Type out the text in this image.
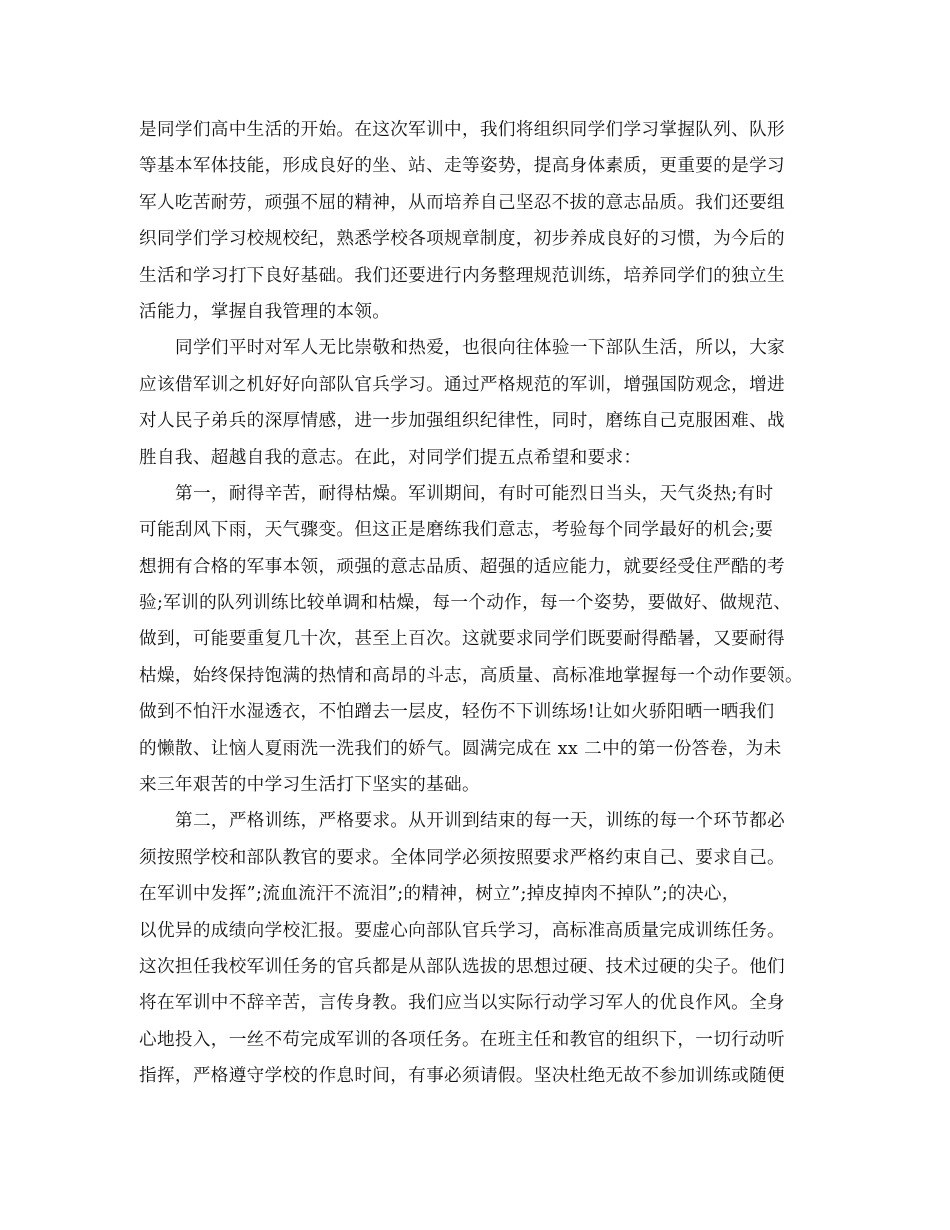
是同学们高中生活的开始。在这次军训中，我们将组织同学们学习掌握队列、队形
等基本军体技能，形成良好的坐、站、走等姿势，提高身体素质，更重要的是学习
军人吃苦耐劳，顽强不屈的精神，从而培养自己坚忍不拔的意志品质。我们还要组
织同学们学习校规校纪，熟悉学校各项规章制度，初步养成良好的习惯，为今后的
生活和学习打下良好基础。我们还要进行内务整理规范训练，培养同学们的独立生
活能力，掌握自我管理的本领。
同学们平时对军人无比崇敬和热爱，也很向往体验一下部队生活，所以，大家
应该借军训之机好好向部队官兵学习。通过严格规范的军训，增强国防观念，增进
对人民子弟兵的深厚情感，进一步加强组织纪律性，同时，磨练自己克服困难、战
胜自我、超越自我的意志。在此，对同学们提五点希望和要求：
第一，耐得辛苦，耐得枯燥。军训期间，有时可能烈日当头，天气炎热;有时
可能刮风下雨，天气骤变。但这正是磨练我们意志，考验每个同学最好的机会;要
想拥有合格的军事本领，顽强的意志品质、超强的适应能力，就要经受住严酷的考
验;军训的队列训练比较单调和枯燥，每一个动作，每一个姿势，要做好、做规范、
做到，可能要重复几十次，甚至上百次。这就要求同学们既要耐得酷暑，又要耐得
枯燥，始终保持饱满的热情和高昂的斗志，高质量、高标准地掌握每一个动作要领。
做到不怕汗水湿透衣，不怕蹭去一层皮，轻伤不下训练场!让如火骄阳晒一晒我们
的懒散、让恼人夏雨洗一洗我们的娇气。圆满完成在 xx 二中的第一份答卷，为未
来三年艰苦的中学习生活打下坚实的基础。
第二，严格训练，严格要求。从开训到结束的每一天，训练的每一个环节都必
须按照学校和部队教官的要求。全体同学必须按照要求严格约束自己、要求自己。
在军训中发挥”;流血流汗不流泪”;的精神，树立”;掉皮掉肉不掉队”;的决心，
以优异的成绩向学校汇报。要虚心向部队官兵学习，高标准高质量完成训练任务。
这次担任我校军训任务的官兵都是从部队选拔的思想过硬、技术过硬的尖子。他们
将在军训中不辞辛苦，言传身教。我们应当以实际行动学习军人的优良作风。全身
心地投入，一丝不苟完成军训的各项任务。在班主任和教官的组织下，一切行动听
指挥，严格遵守学校的作息时间，有事必须请假。坚决杜绝无故不参加训练或随便
